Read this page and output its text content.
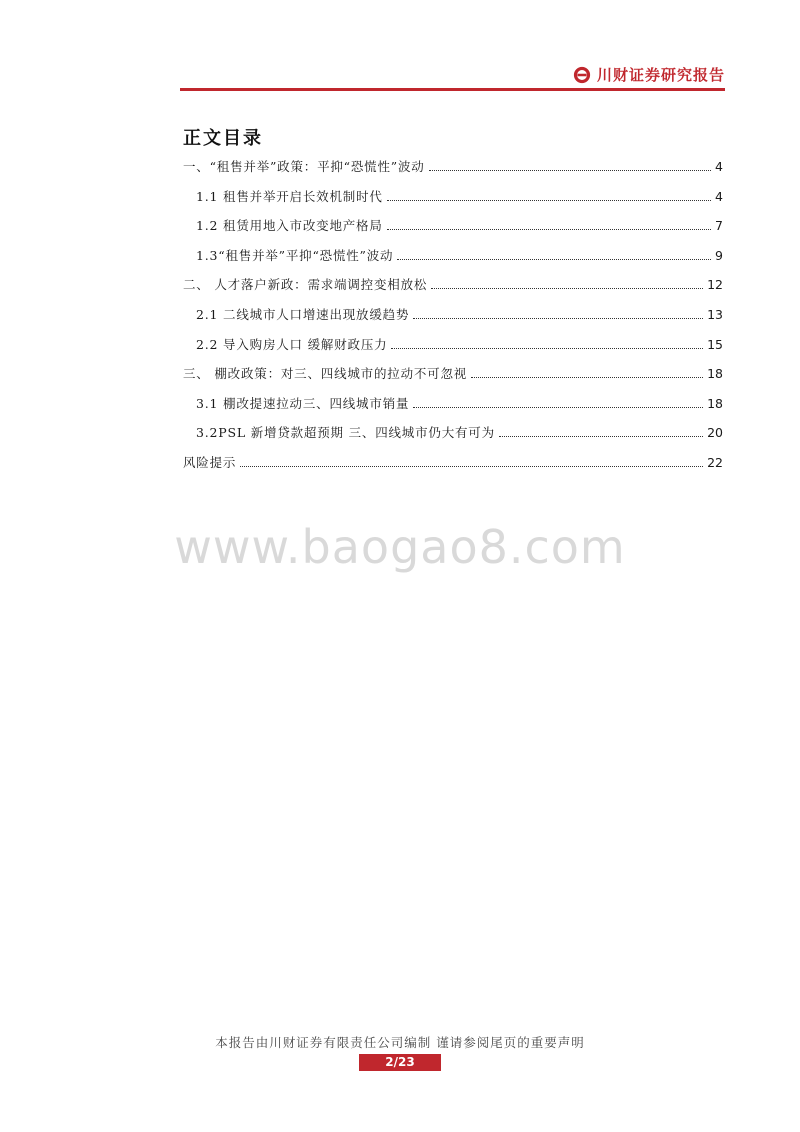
川财证券研究报告
正文目录
一、“租售并举”政策：平抑“恐慌性”波动	4
1.1 租售并举开启长效机制时代	4
1.2 租赁用地入市改变地产格局	7
1.3“租售并举”平抑“恐慌性”波动	9
二、 人才落户新政：需求端调控变相放松	12
2.1 二线城市人口增速出现放缓趋势	13
2.2 导入购房人口 缓解财政压力	15
三、 棚改政策：对三、四线城市的拉动不可忽视	18
3.1 棚改提速拉动三、四线城市销量	18
3.2PSL 新增贷款超预期 三、四线城市仍大有可为	20
风险提示	22
www.baogao8.com
本报告由川财证券有限责任公司编制 谨请参阅尾页的重要声明
2/23
